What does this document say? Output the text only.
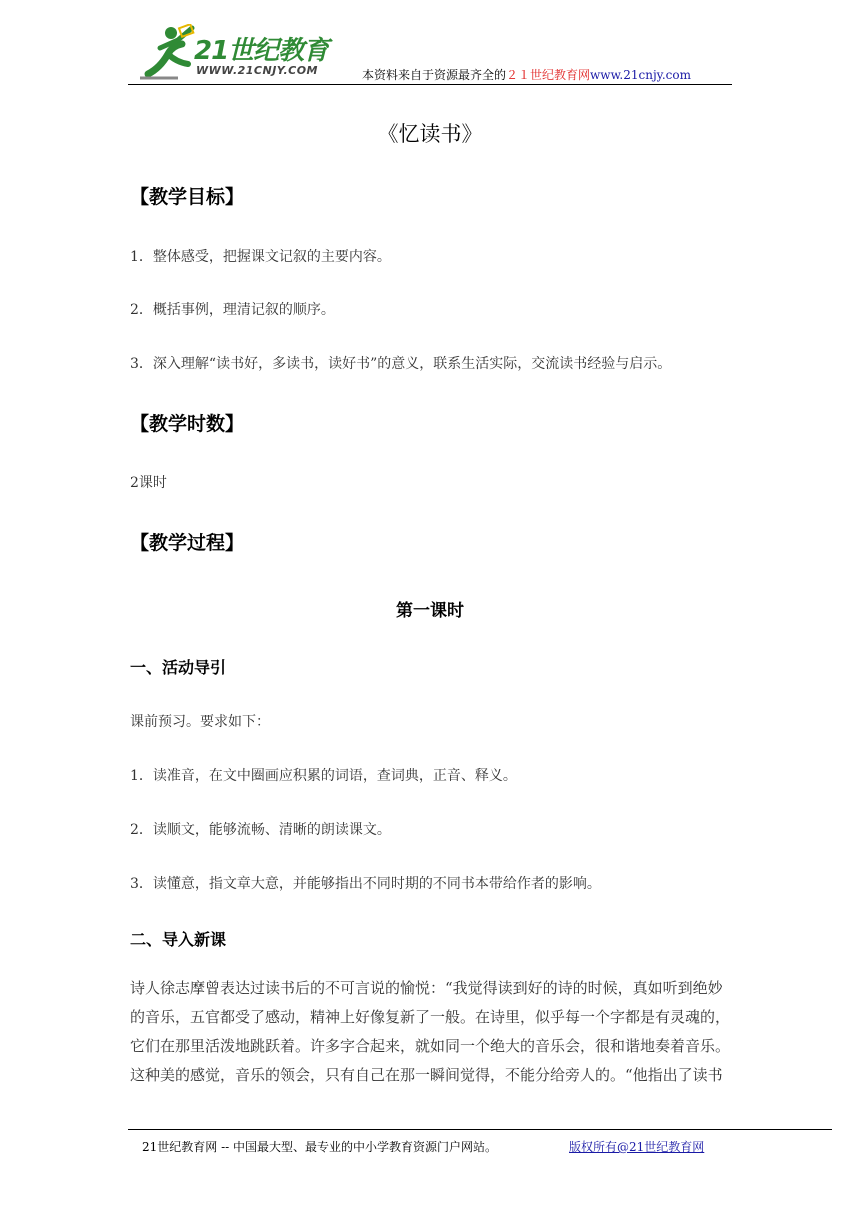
21世纪教育
WWW.21CNJY.COM	本资料来自于资源最齐全的２１世纪教育网www.21cnjy.com
《忆读书》
【教学目标】
1．整体感受，把握课文记叙的主要内容。
2．概括事例，理清记叙的顺序。
3．深入理解“读书好，多读书，读好书”的意义，联系生活实际，交流读书经验与启示。
【教学时数】
2课时
【教学过程】
第一课时
一、活动导引
课前预习。要求如下：
1．读准音，在文中圈画应积累的词语，查词典，正音、释义。
2．读顺文，能够流畅、清晰的朗读课文。
3．读懂意，指文章大意，并能够指出不同时期的不同书本带给作者的影响。
二、导入新课
诗人徐志摩曾表达过读书后的不可言说的愉悦：“我觉得读到好的诗的时候，真如听到绝妙
的音乐，五官都受了感动，精神上好像复新了一般。在诗里，似乎每一个字都是有灵魂的，
它们在那里活泼地跳跃着。许多字合起来，就如同一个绝大的音乐会，很和谐地奏着音乐。
这种美的感觉，音乐的领会，只有自己在那一瞬间觉得，不能分给旁人的。“他指出了读书
21世纪教育网 -- 中国最大型、最专业的中小学教育资源门户网站。	版权所有@21世纪教育网
